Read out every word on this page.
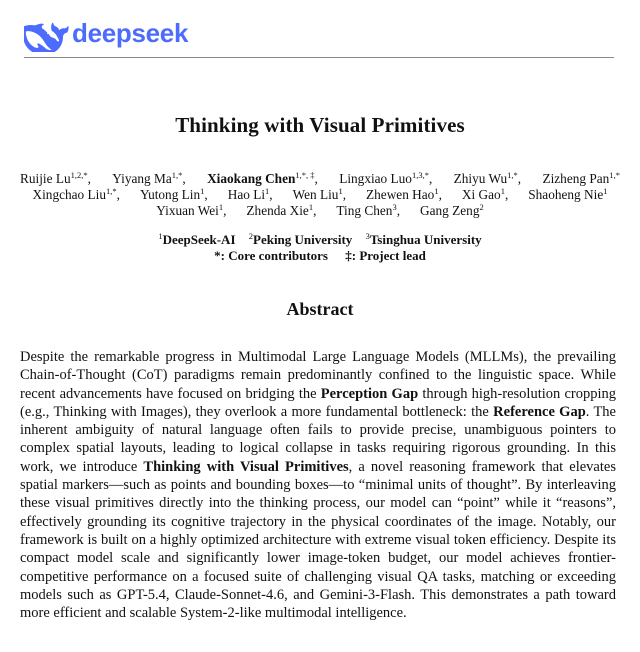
deepseek
Thinking with Visual Primitives
Ruijie $Lu^{1,2,*}$, Yiyang $Ma^{1,*}$, Xiaokang Chen$^{1,*, \ddagger}$, Lingxiao Luo$^{1,3,*}$, Zhiyu $Wu^{1,*}$, Zizheng Pan$^{1,*}$
Xingchao Liu$^{1,*}$, Yutong Lin$^1$, Hao Li$^1$, Wen Liu$^1$, Zhewen Hao$^1$, Xi Gao$^1$, Shaoheng Nie$^1$
Yixuan Wei$^1$, Zhenda Xie$^1$, Ting Chen$^3$, Gang Zeng$^2$
$^1$DeepSeek-AI $^2$Peking University $^3$Tsinghua University
*: Core contributors ‡: Project lead
Abstract
Despite the remarkable progress in Multimodal Large Language Models (MLLMs), the prevailing Chain-of-Thought (CoT) paradigms remain predominantly confined to the linguistic space. While recent advancements have focused on bridging the Perception Gap through high-resolution cropping (e.g., Thinking with Images), they overlook a more fundamental bottleneck: the Reference Gap. The inherent ambiguity of natural language often fails to provide precise, unambiguous pointers to complex spatial layouts, leading to logical collapse in tasks requiring rigorous grounding. In this work, we introduce Thinking with Visual Primitives, a novel reasoning framework that elevates spatial markers—such as points and bounding boxes—to “minimal units of thought”. By interleaving these visual primitives directly into the thinking process, our model can “point” while it “reasons”, effectively grounding its cognitive trajectory in the physical coordinates of the image. Notably, our framework is built on a highly optimized architecture with extreme visual token efficiency. Despite its compact model scale and significantly lower image-token budget, our model achieves frontier-competitive performance on a focused suite of challenging visual QA tasks, matching or exceeding models such as GPT-5.4, Claude-Sonnet-4.6, and Gemini-3-Flash. This demonstrates a path toward more efficient and scalable System-2-like multimodal intelligence.
